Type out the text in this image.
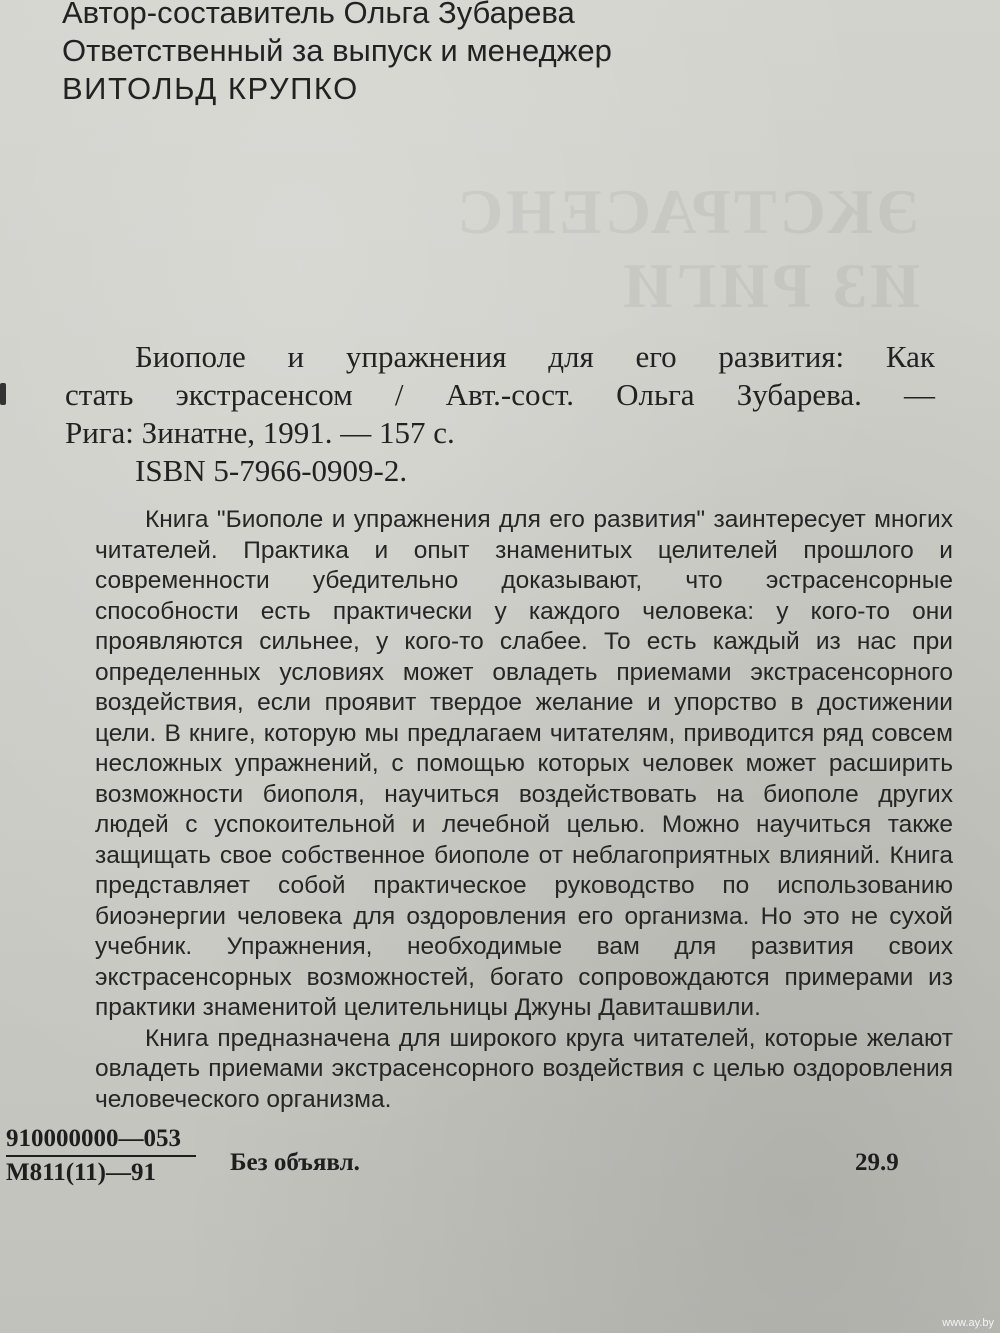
ЭКСТРАСЕНС
ИЗ РИГИ
Автор-составитель Ольга Зубарева
Ответственный за выпуск и менеджер
ВИТОЛЬД КРУПКО
Биополе и упражнения для его развития: Как
стать экстрасенсом / Авт.-сост. Ольга Зубарева. —
Рига: Зинатне, 1991. — 157 с.
ISBN 5-7966-0909-2.

Книга "Биополе и упражнения для его развития" заинтересует многих читателей. Практика и опыт знаменитых целителей прошлого и современности убедительно доказывают, что эстрасенсорные способности есть практически у каждого человека: у кого-то они проявляются сильнее, у кого-то слабее. То есть каждый из нас при определенных условиях может овладеть приемами экстрасенсорного воздействия, если проявит твердое желание и упорство в достижении цели. В книге, которую мы предлагаем читателям, приводится ряд совсем несложных упражнений, с помощью которых человек может расширить возможности биополя, научиться воздействовать на биополе других людей с успокоительной и лечебной целью. Можно научиться также защищать свое собственное биополе от неблагоприятных влияний. Книга представляет собой практическое руководство по использованию биоэнергии человека для оздоровления его организма. Но это не сухой учебник. Упражнения, необходимые вам для развития своих экстрасенсорных возможностей, богато сопровождаются примерами из практики знаменитой целительницы Джуны Давиташвили.

Книга предназначена для широкого круга читателей, которые желают овладеть приемами экстрасенсорного воздействия с целью оздоровления человеческого организма.

910000000—053
М811(11)—91	Без объявл.	29.9
www.ay.by
